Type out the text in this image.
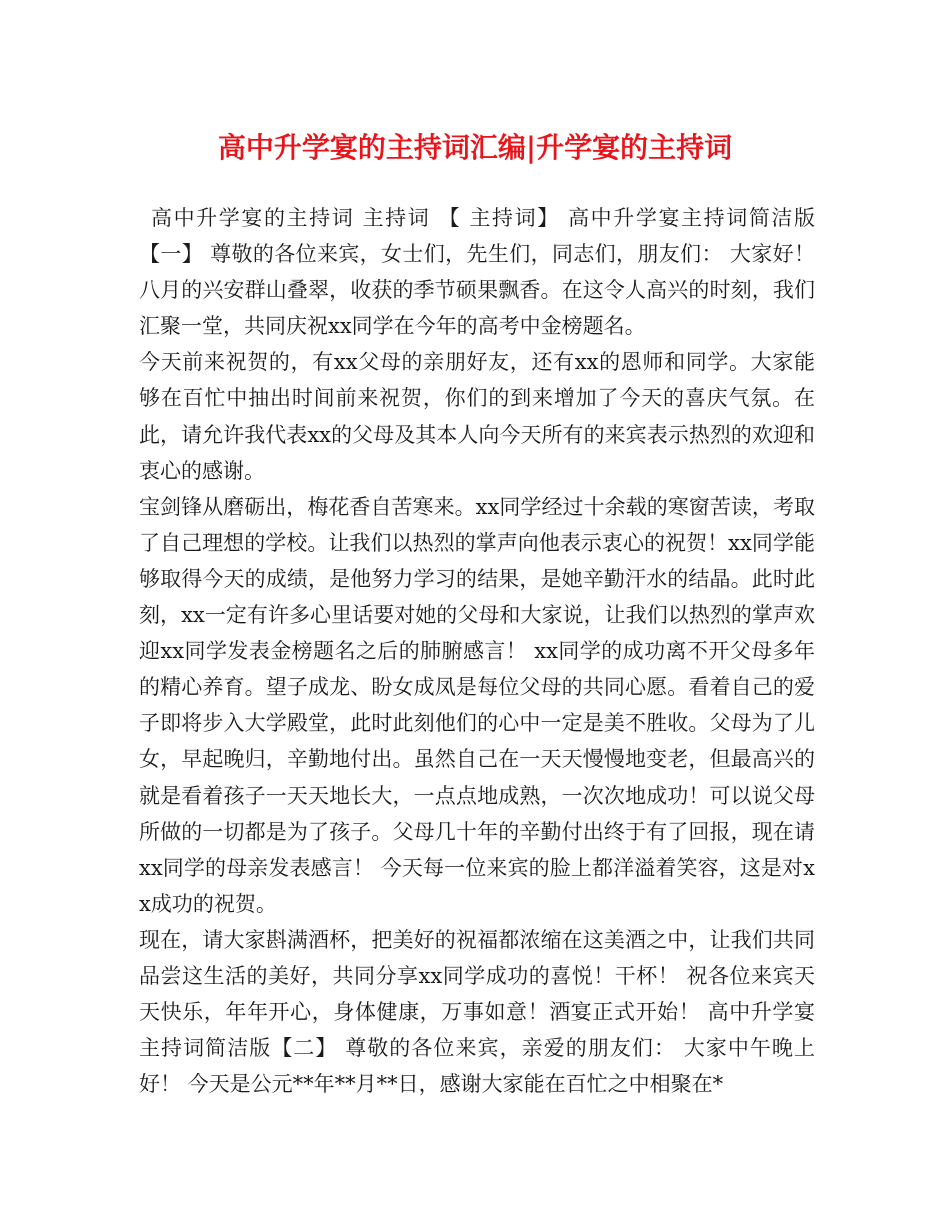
高中升学宴的主持词汇编|升学宴的主持词

高中升学宴的主持词 主持词 【 主持词】 高中升学宴主持词简洁版【一】 尊敬的各位来宾，女士们，先生们，同志们，朋友们： 大家好！八月的兴安群山叠翠，收获的季节硕果飘香。在这令人高兴的时刻，我们汇聚一堂，共同庆祝xx同学在今年的高考中金榜题名。

今天前来祝贺的，有xx父母的亲朋好友，还有xx的恩师和同学。大家能够在百忙中抽出时间前来祝贺，你们的到来增加了今天的喜庆气氛。在此，请允许我代表xx的父母及其本人向今天所有的来宾表示热烈的欢迎和衷心的感谢。

宝剑锋从磨砺出，梅花香自苦寒来。xx同学经过十余载的寒窗苦读，考取了自己理想的学校。让我们以热烈的掌声向他表示衷心的祝贺！xx同学能够取得今天的成绩，是他努力学习的结果，是她辛勤汗水的结晶。此时此刻，xx一定有许多心里话要对她的父母和大家说，让我们以热烈的掌声欢迎xx同学发表金榜题名之后的肺腑感言！ xx同学的成功离不开父母多年的精心养育。望子成龙、盼女成凤是每位父母的共同心愿。看着自己的爱子即将步入大学殿堂，此时此刻他们的心中一定是美不胜收。父母为了儿女，早起晚归，辛勤地付出。虽然自己在一天天慢慢地变老，但最高兴的就是看着孩子一天天地长大，一点点地成熟，一次次地成功！可以说父母所做的一切都是为了孩子。父母几十年的辛勤付出终于有了回报，现在请xx同学的母亲发表感言！ 今天每一位来宾的脸上都洋溢着笑容，这是对xx成功的祝贺。

现在，请大家斟满酒杯，把美好的祝福都浓缩在这美酒之中，让我们共同品尝这生活的美好，共同分享xx同学成功的喜悦！干杯！ 祝各位来宾天天快乐，年年开心，身体健康，万事如意！酒宴正式开始！ 高中升学宴主持词简洁版【二】 尊敬的各位来宾，亲爱的朋友们： 大家中午晚上好！ 今天是公元**年**月**日，感谢大家能在百忙之中相聚在*
